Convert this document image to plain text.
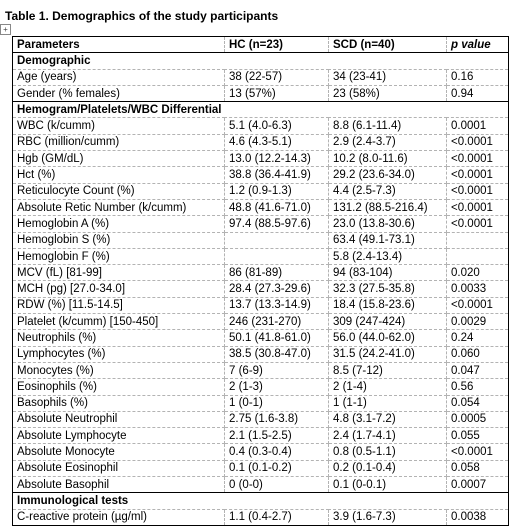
Table 1. Demographics of the study participants
+
Parameters	HC (n=23)	SCD (n=40)	p value
Demographic			
Age (years)	38 (22-57)	34 (23-41)	0.16
Gender (% females)	13 (57%)	23 (58%)	0.94
Hemogram/Platelets/WBC Differential			
WBC (k/cumm)	5.1 (4.0-6.3)	8.8 (6.1-11.4)	0.0001
RBC (million/cumm)	4.6 (4.3-5.1)	2.9 (2.4-3.7)	<0.0001
Hgb (GM/dL)	13.0 (12.2-14.3)	10.2 (8.0-11.6)	<0.0001
Hct (%)	38.8 (36.4-41.9)	29.2 (23.6-34.0)	<0.0001
Reticulocyte Count (%)	1.2 (0.9-1.3)	4.4 (2.5-7.3)	<0.0001
Absolute Retic Number (k/cumm)	48.8 (41.6-71.0)	131.2 (88.5-216.4)	<0.0001
Hemoglobin A (%)	97.4 (88.5-97.6)	23.0 (13.8-30.6)	<0.0001
Hemoglobin S (%)		63.4 (49.1-73.1)	
Hemoglobin F (%)		5.8 (2.4-13.4)	
MCV (fL) [81-99]	86 (81-89)	94 (83-104)	0.020
MCH (pg) [27.0-34.0]	28.4 (27.3-29.6)	32.3 (27.5-35.8)	0.0033
RDW (%) [11.5-14.5]	13.7 (13.3-14.9)	18.4 (15.8-23.6)	<0.0001
Platelet (k/cumm) [150-450]	246 (231-270)	309 (247-424)	0.0029
Neutrophils (%)	50.1 (41.8-61.0)	56.0 (44.0-62.0)	0.24
Lymphocytes (%)	38.5 (30.8-47.0)	31.5 (24.2-41.0)	0.060
Monocytes (%)	7 (6-9)	8.5 (7-12)	0.047
Eosinophils (%)	2 (1-3)	2 (1-4)	0.56
Basophils (%)	1 (0-1)	1 (1-1)	0.054
Absolute Neutrophil	2.75 (1.6-3.8)	4.8 (3.1-7.2)	0.0005
Absolute Lymphocyte	2.1 (1.5-2.5)	2.4 (1.7-4.1)	0.055
Absolute Monocyte	0.4 (0.3-0.4)	0.8 (0.5-1.1)	<0.0001
Absolute Eosinophil	0.1 (0.1-0.2)	0.2 (0.1-0.4)	0.058
Absolute Basophil	0 (0-0)	0.1 (0-0.1)	0.0007
Immunological tests			
C-reactive protein (µg/ml)	1.1 (0.4-2.7)	3.9 (1.6-7.3)	0.0038
